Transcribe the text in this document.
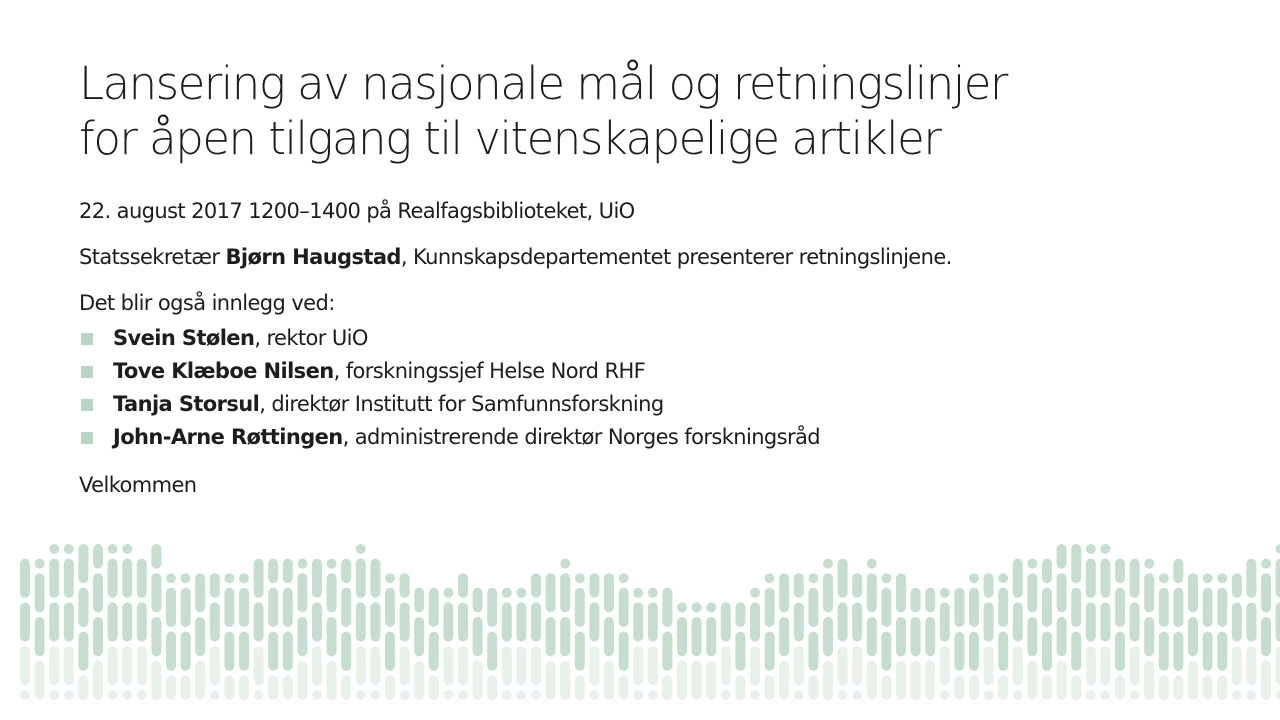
Lansering av nasjonale mål og retningslinjer
for åpen tilgang til vitenskapelige artikler

22. august 2017 1200–1400 på Realfagsbiblioteket, UiO

Statssekretær Bjørn Haugstad, Kunnskapsdepartementet presenterer retningslinjene.

Det blir også innlegg ved:

Svein Stølen, rektor UiO
Tove Klæboe Nilsen, forskningssjef Helse Nord RHF
Tanja Storsul, direktør Institutt for Samfunnsforskning
John-Arne Røttingen, administrerende direktør Norges forskningsråd

Velkommen
